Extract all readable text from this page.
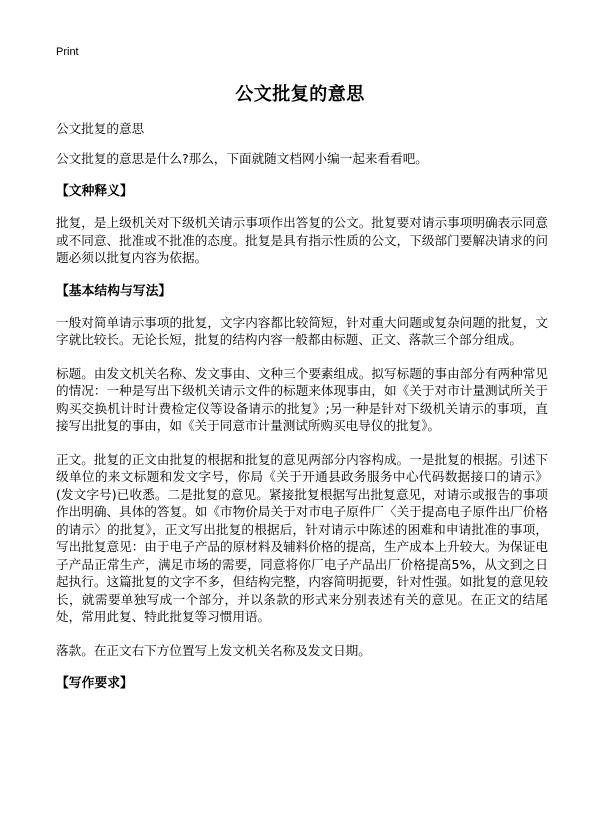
Print
公文批复的意思

公文批复的意思

公文批复的意思是什么?那么，下面就随文档网小编一起来看看吧。

【文种释义】

批复，是上级机关对下级机关请示事项作出答复的公文。批复要对请示事项明确表示同意或不同意、批准或不批准的态度。批复是具有指示性质的公文，下级部门要解决请求的问题必须以批复内容为依据。

【基本结构与写法】

一般对简单请示事项的批复，文字内容都比较简短，针对重大问题或复杂问题的批复，文字就比较长。无论长短，批复的结构内容一般都由标题、正文、落款三个部分组成。

标题。由发文机关名称、发文事由、文种三个要素组成。拟写标题的事由部分有两种常见的情况：一种是写出下级机关请示文件的标题来体现事由，如《关于对市计量测试所关于购买交换机计时计费检定仪等设备请示的批复》;另一种是针对下级机关请示的事项，直接写出批复的事由，如《关于同意市计量测试所购买电导仪的批复》。

正文。批复的正文由批复的根据和批复的意见两部分内容构成。一是批复的根据。引述下级单位的来文标题和发文字号，你局《关于开通县政务服务中心代码数据接口的请示》(发文字号)已收悉。二是批复的意见。紧接批复根据写出批复意见，对请示或报告的事项作出明确、具体的答复。如《市物价局关于对市电子原件厂〈关于提高电子原件出厂价格的请示〉的批复》，正文写出批复的根据后，针对请示中陈述的困难和申请批准的事项，写出批复意见：由于电子产品的原材料及辅料价格的提高，生产成本上升较大。为保证电子产品正常生产，满足市场的需要，同意将你厂电子产品出厂价格提高5%，从文到之日起执行。这篇批复的文字不多，但结构完整，内容简明扼要，针对性强。如批复的意见较长，就需要单独写成一个部分，并以条款的形式来分别表述有关的意见。在正文的结尾处，常用此复、特此批复等习惯用语。

落款。在正文右下方位置写上发文机关名称及发文日期。

【写作要求】
